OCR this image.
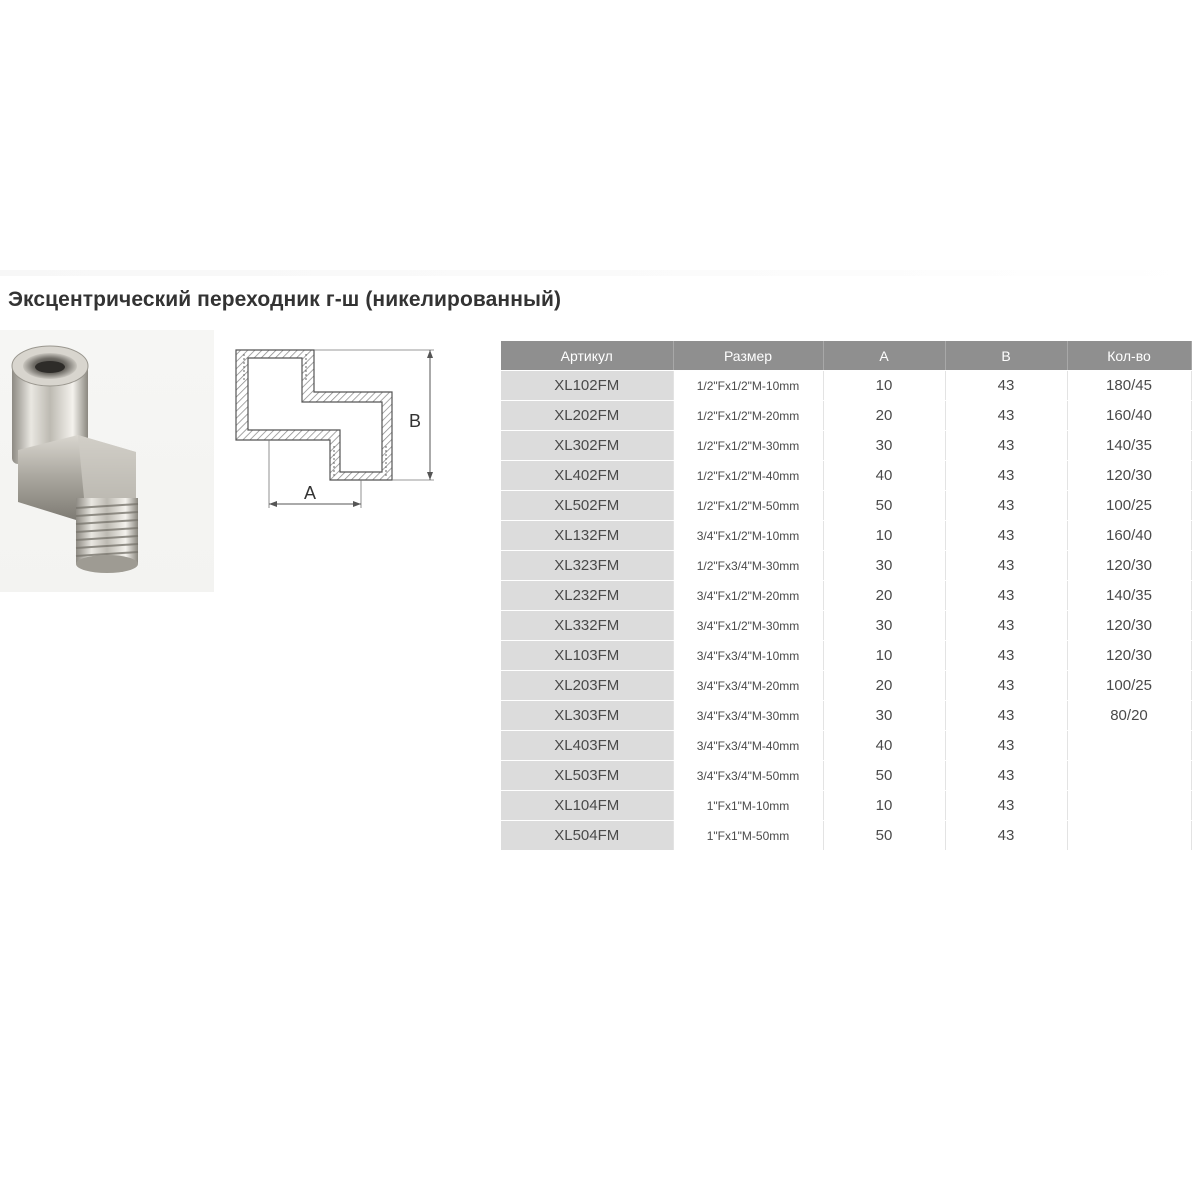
Эксцентрический переходник г-ш (никелированный)
B
A
Артикул	Размер	A	B	Кол-во
XL102FM	1/2"Fx1/2"M-10mm	10	43	180/45
XL202FM	1/2"Fx1/2"M-20mm	20	43	160/40
XL302FM	1/2"Fx1/2"M-30mm	30	43	140/35
XL402FM	1/2"Fx1/2"M-40mm	40	43	120/30
XL502FM	1/2"Fx1/2"M-50mm	50	43	100/25
XL132FM	3/4"Fx1/2"M-10mm	10	43	160/40
XL323FM	1/2"Fx3/4"M-30mm	30	43	120/30
XL232FM	3/4"Fx1/2"M-20mm	20	43	140/35
XL332FM	3/4"Fx1/2"M-30mm	30	43	120/30
XL103FM	3/4"Fx3/4"M-10mm	10	43	120/30
XL203FM	3/4"Fx3/4"M-20mm	20	43	100/25
XL303FM	3/4"Fx3/4"M-30mm	30	43	80/20
XL403FM	3/4"Fx3/4"M-40mm	40	43	
XL503FM	3/4"Fx3/4"M-50mm	50	43	
XL104FM	1"Fx1"M-10mm	10	43	
XL504FM	1"Fx1"M-50mm	50	43	
